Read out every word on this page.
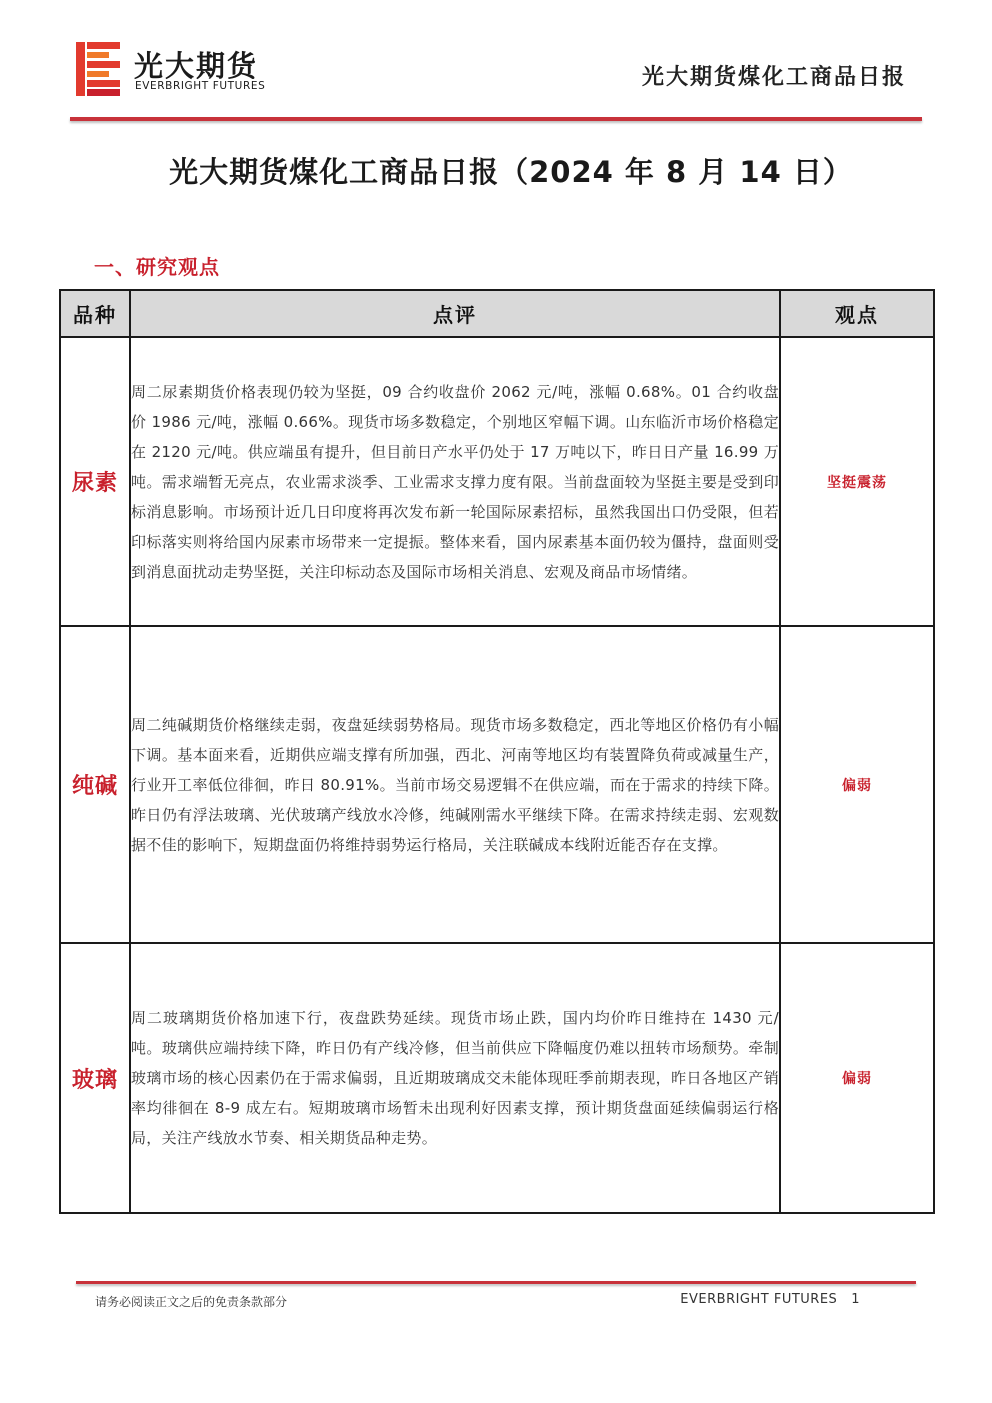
光大期货
EVERBRIGHT FUTURES	光大期货煤化工商品日报
光大期货煤化工商品日报（2024 年 8 月 14 日）
一、研究观点
品种	点评	观点
尿素	周二尿素期货价格表现仍较为坚挺，09 合约收盘价 2062 元/吨，涨幅 0.68%。01 合约收盘价 1986 元/吨，涨幅 0.66%。现货市场多数稳定，个别地区窄幅下调。山东临沂市场价格稳定在 2120 元/吨。供应端虽有提升，但目前日产水平仍处于 17 万吨以下，昨日日产量 16.99 万吨。需求端暂无亮点，农业需求淡季、工业需求支撑力度有限。当前盘面较为坚挺主要是受到印标消息影响。市场预计近几日印度将再次发布新一轮国际尿素招标，虽然我国出口仍受限，但若印标落实则将给国内尿素市场带来一定提振。整体来看，国内尿素基本面仍较为僵持，盘面则受到消息面扰动走势坚挺，关注印标动态及国际市场相关消息、宏观及商品市场情绪。	坚挺震荡
纯碱	周二纯碱期货价格继续走弱，夜盘延续弱势格局。现货市场多数稳定，西北等地区价格仍有小幅下调。基本面来看，近期供应端支撑有所加强，西北、河南等地区均有装置降负荷或减量生产，行业开工率低位徘徊，昨日 80.91%。当前市场交易逻辑不在供应端，而在于需求的持续下降。昨日仍有浮法玻璃、光伏玻璃产线放水冷修，纯碱刚需水平继续下降。在需求持续走弱、宏观数据不佳的影响下，短期盘面仍将维持弱势运行格局，关注联碱成本线附近能否存在支撑。	偏弱
玻璃	周二玻璃期货价格加速下行，夜盘跌势延续。现货市场止跌，国内均价昨日维持在 1430 元/吨。玻璃供应端持续下降，昨日仍有产线冷修，但当前供应下降幅度仍难以扭转市场颓势。牵制玻璃市场的核心因素仍在于需求偏弱，且近期玻璃成交未能体现旺季前期表现，昨日各地区产销率均徘徊在 8-9 成左右。短期玻璃市场暂未出现利好因素支撑，预计期货盘面延续偏弱运行格局，关注产线放水节奏、相关期货品种走势。	偏弱
请务必阅读正文之后的免责条款部分	EVERBRIGHT FUTURES 1
